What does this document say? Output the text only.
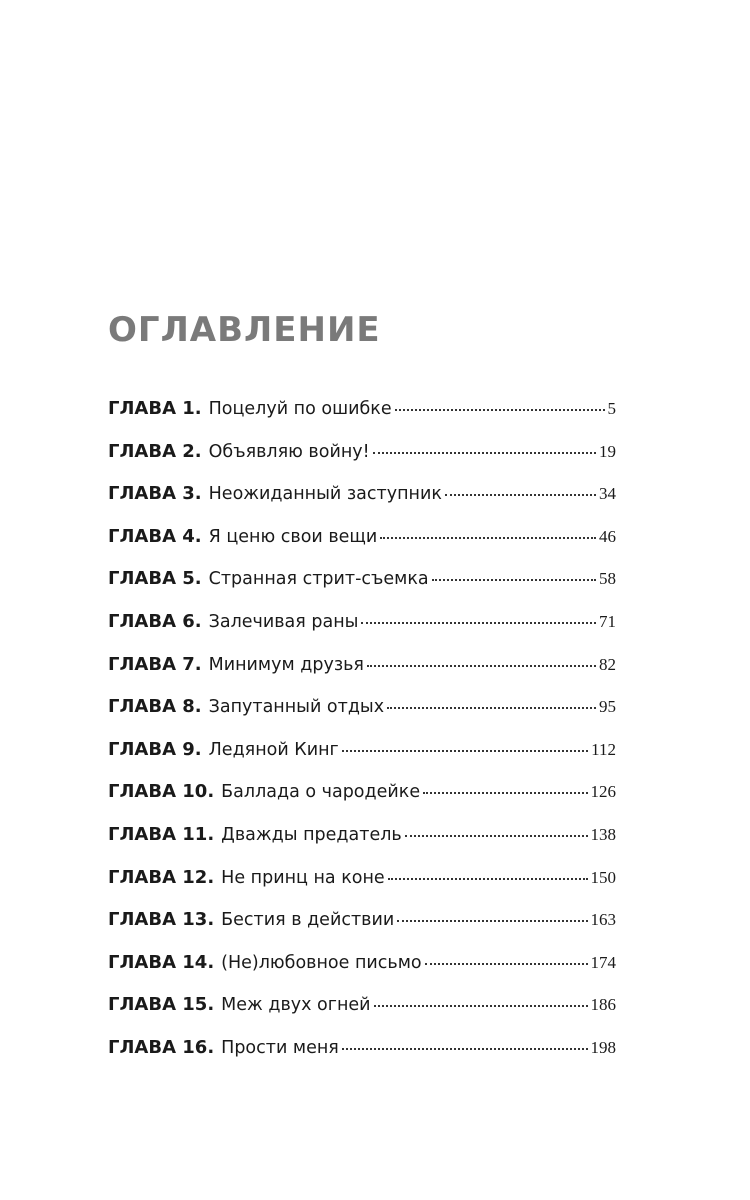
ОГЛАВЛЕНИЕ
ГЛАВА 1. Поцелуй по ошибке	5
ГЛАВА 2. Объявляю войну!	19
ГЛАВА 3. Неожиданный заступник	34
ГЛАВА 4. Я ценю свои вещи	46
ГЛАВА 5. Странная стрит-съемка	58
ГЛАВА 6. Залечивая раны	71
ГЛАВА 7. Минимум друзья	82
ГЛАВА 8. Запутанный отдых	95
ГЛАВА 9. Ледяной Кинг	112
ГЛАВА 10. Баллада о чародейке	126
ГЛАВА 11. Дважды предатель	138
ГЛАВА 12. Не принц на коне	150
ГЛАВА 13. Бестия в действии	163
ГЛАВА 14. (Не)любовное письмо	174
ГЛАВА 15. Меж двух огней	186
ГЛАВА 16. Прости меня	198
